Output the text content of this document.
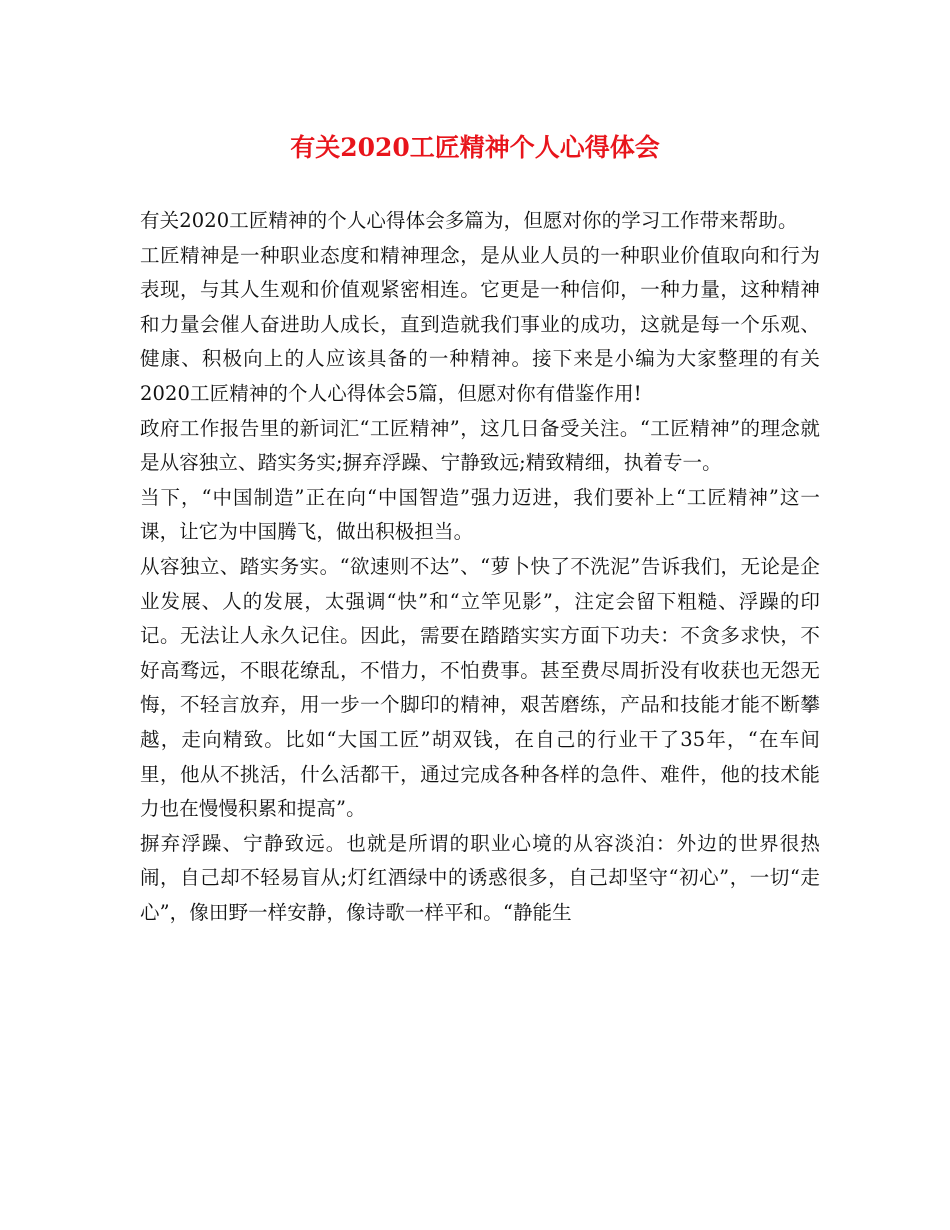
有关2020工匠精神个人心得体会

有关2020工匠精神的个人心得体会多篇为，但愿对你的学习工作带来帮助。

工匠精神是一种职业态度和精神理念，是从业人员的一种职业价值取向和行为表现，与其人生观和价值观紧密相连。它更是一种信仰，一种力量，这种精神和力量会催人奋进助人成长，直到造就我们事业的成功，这就是每一个乐观、健康、积极向上的人应该具备的一种精神。接下来是小编为大家整理的有关2020工匠精神的个人心得体会5篇，但愿对你有借鉴作用!

政府工作报告里的新词汇“工匠精神”，这几日备受关注。“工匠精神”的理念就是从容独立、踏实务实;摒弃浮躁、宁静致远;精致精细，执着专一。

当下，“中国制造”正在向“中国智造”强力迈进，我们要补上“工匠精神”这一课，让它为中国腾飞，做出积极担当。

从容独立、踏实务实。“欲速则不达”、“萝卜快了不洗泥”告诉我们，无论是企业发展、人的发展，太强调“快”和“立竿见影”，注定会留下粗糙、浮躁的印记。无法让人永久记住。因此，需要在踏踏实实方面下功夫：不贪多求快，不好高骛远，不眼花缭乱，不惜力，不怕费事。甚至费尽周折没有收获也无怨无悔，不轻言放弃，用一步一个脚印的精神，艰苦磨练，产品和技能才能不断攀越，走向精致。比如“大国工匠”胡双钱，在自己的行业干了35年，“在车间里，他从不挑活，什么活都干，通过完成各种各样的急件、难件，他的技术能力也在慢慢积累和提高”。

摒弃浮躁、宁静致远。也就是所谓的职业心境的从容淡泊：外边的世界很热闹，自己却不轻易盲从;灯红酒绿中的诱惑很多，自己却坚守“初心”，一切“走心”，像田野一样安静，像诗歌一样平和。“静能生
